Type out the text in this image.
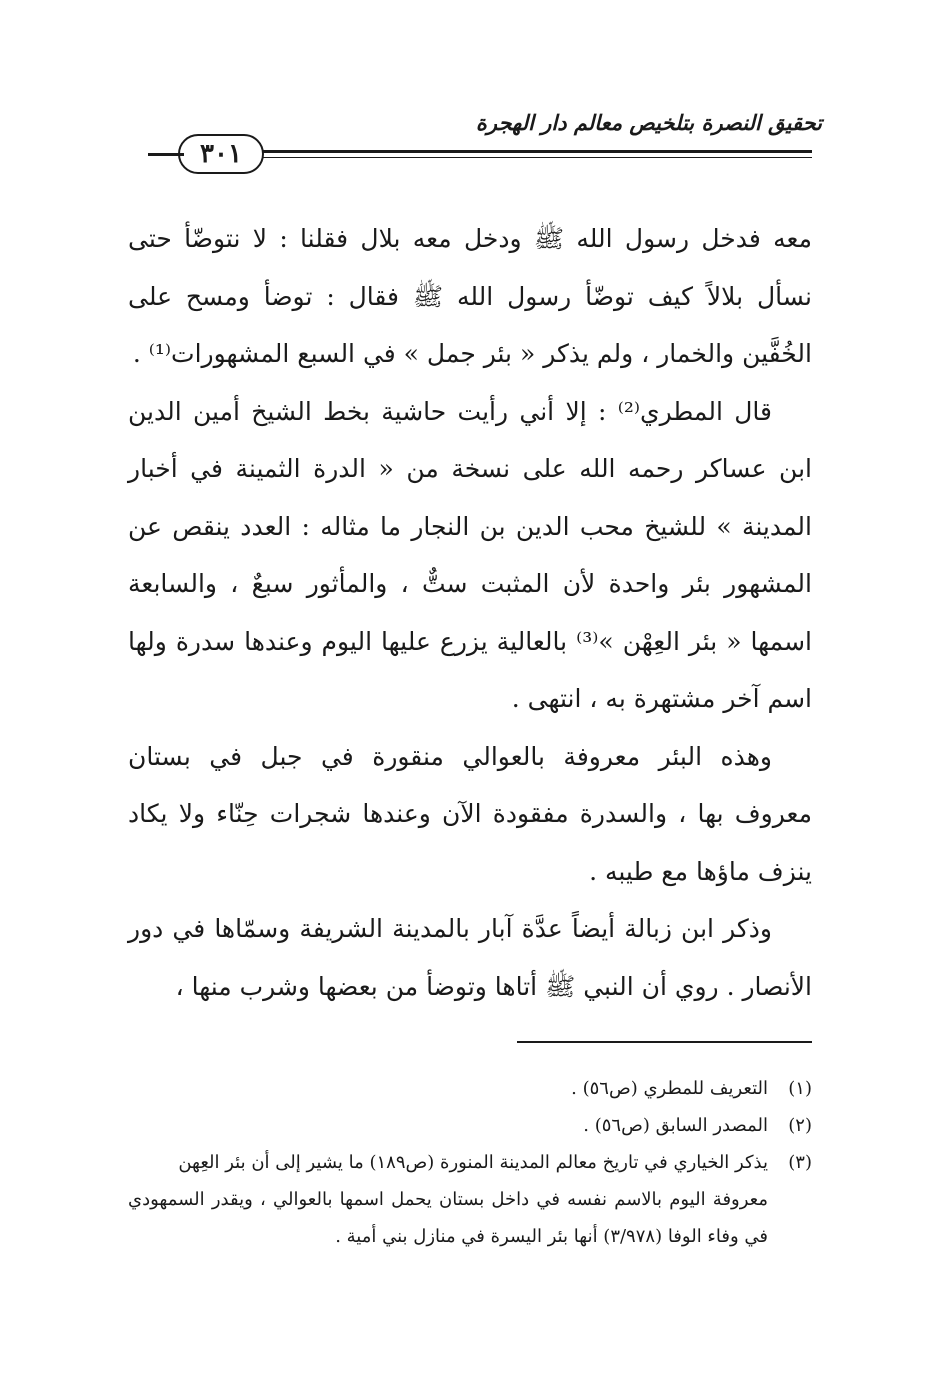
تحقيق النصرة بتلخيص معالم دار الهجرة
٣٠١

معه فدخل رسول الله ﷺ ودخل معه بلال فقلنا : لا نتوضّأ حتى نسأل بلالاً كيف توضّأ رسول الله ﷺ فقال : توضأ ومسح على الخُفَّين والخمار ، ولم يذكر « بئر جمل » في السبع المشهورات⁽¹⁾ .

قال المطري⁽²⁾ : إلا أني رأيت حاشية بخط الشيخ أمين الدين ابن عساكر رحمه الله على نسخة من « الدرة الثمينة في أخبار المدينة » للشيخ محب الدين بن النجار ما مثاله : العدد ينقص عن المشهور بئر واحدة لأن المثبت ستٌّ ، والمأثور سبعٌ ، والسابعة اسمها « بئر العِهْن »⁽³⁾ بالعالية يزرع عليها اليوم وعندها سدرة ولها اسم آخر مشتهرة به ، انتهى .

وهذه البئر معروفة بالعوالي منقورة في جبل في بستان معروف بها ، والسدرة مفقودة الآن وعندها شجرات حِنّاء ولا يكاد ينزف ماؤها مع طيبه .

وذكر ابن زبالة أيضاً عدَّة آبار بالمدينة الشريفة وسمّاها في دور الأنصار . روي أن النبي ﷺ أتاها وتوضأ من بعضها وشرب منها ،

(١)
التعريف للمطري (ص٥٦) .
(٢)
المصدر السابق (ص٥٦) .
(٣)
يذكر الخياري في تاريخ معالم المدينة المنورة (ص١٨٩) ما يشير إلى أن بئر العِهن

معروفة اليوم بالاسم نفسه في داخل بستان يحمل اسمها بالعوالي ، ويقدر السمهودي في وفاء الوفا (٣/٩٧٨) أنها بئر اليسرة في منازل بني أمية .
